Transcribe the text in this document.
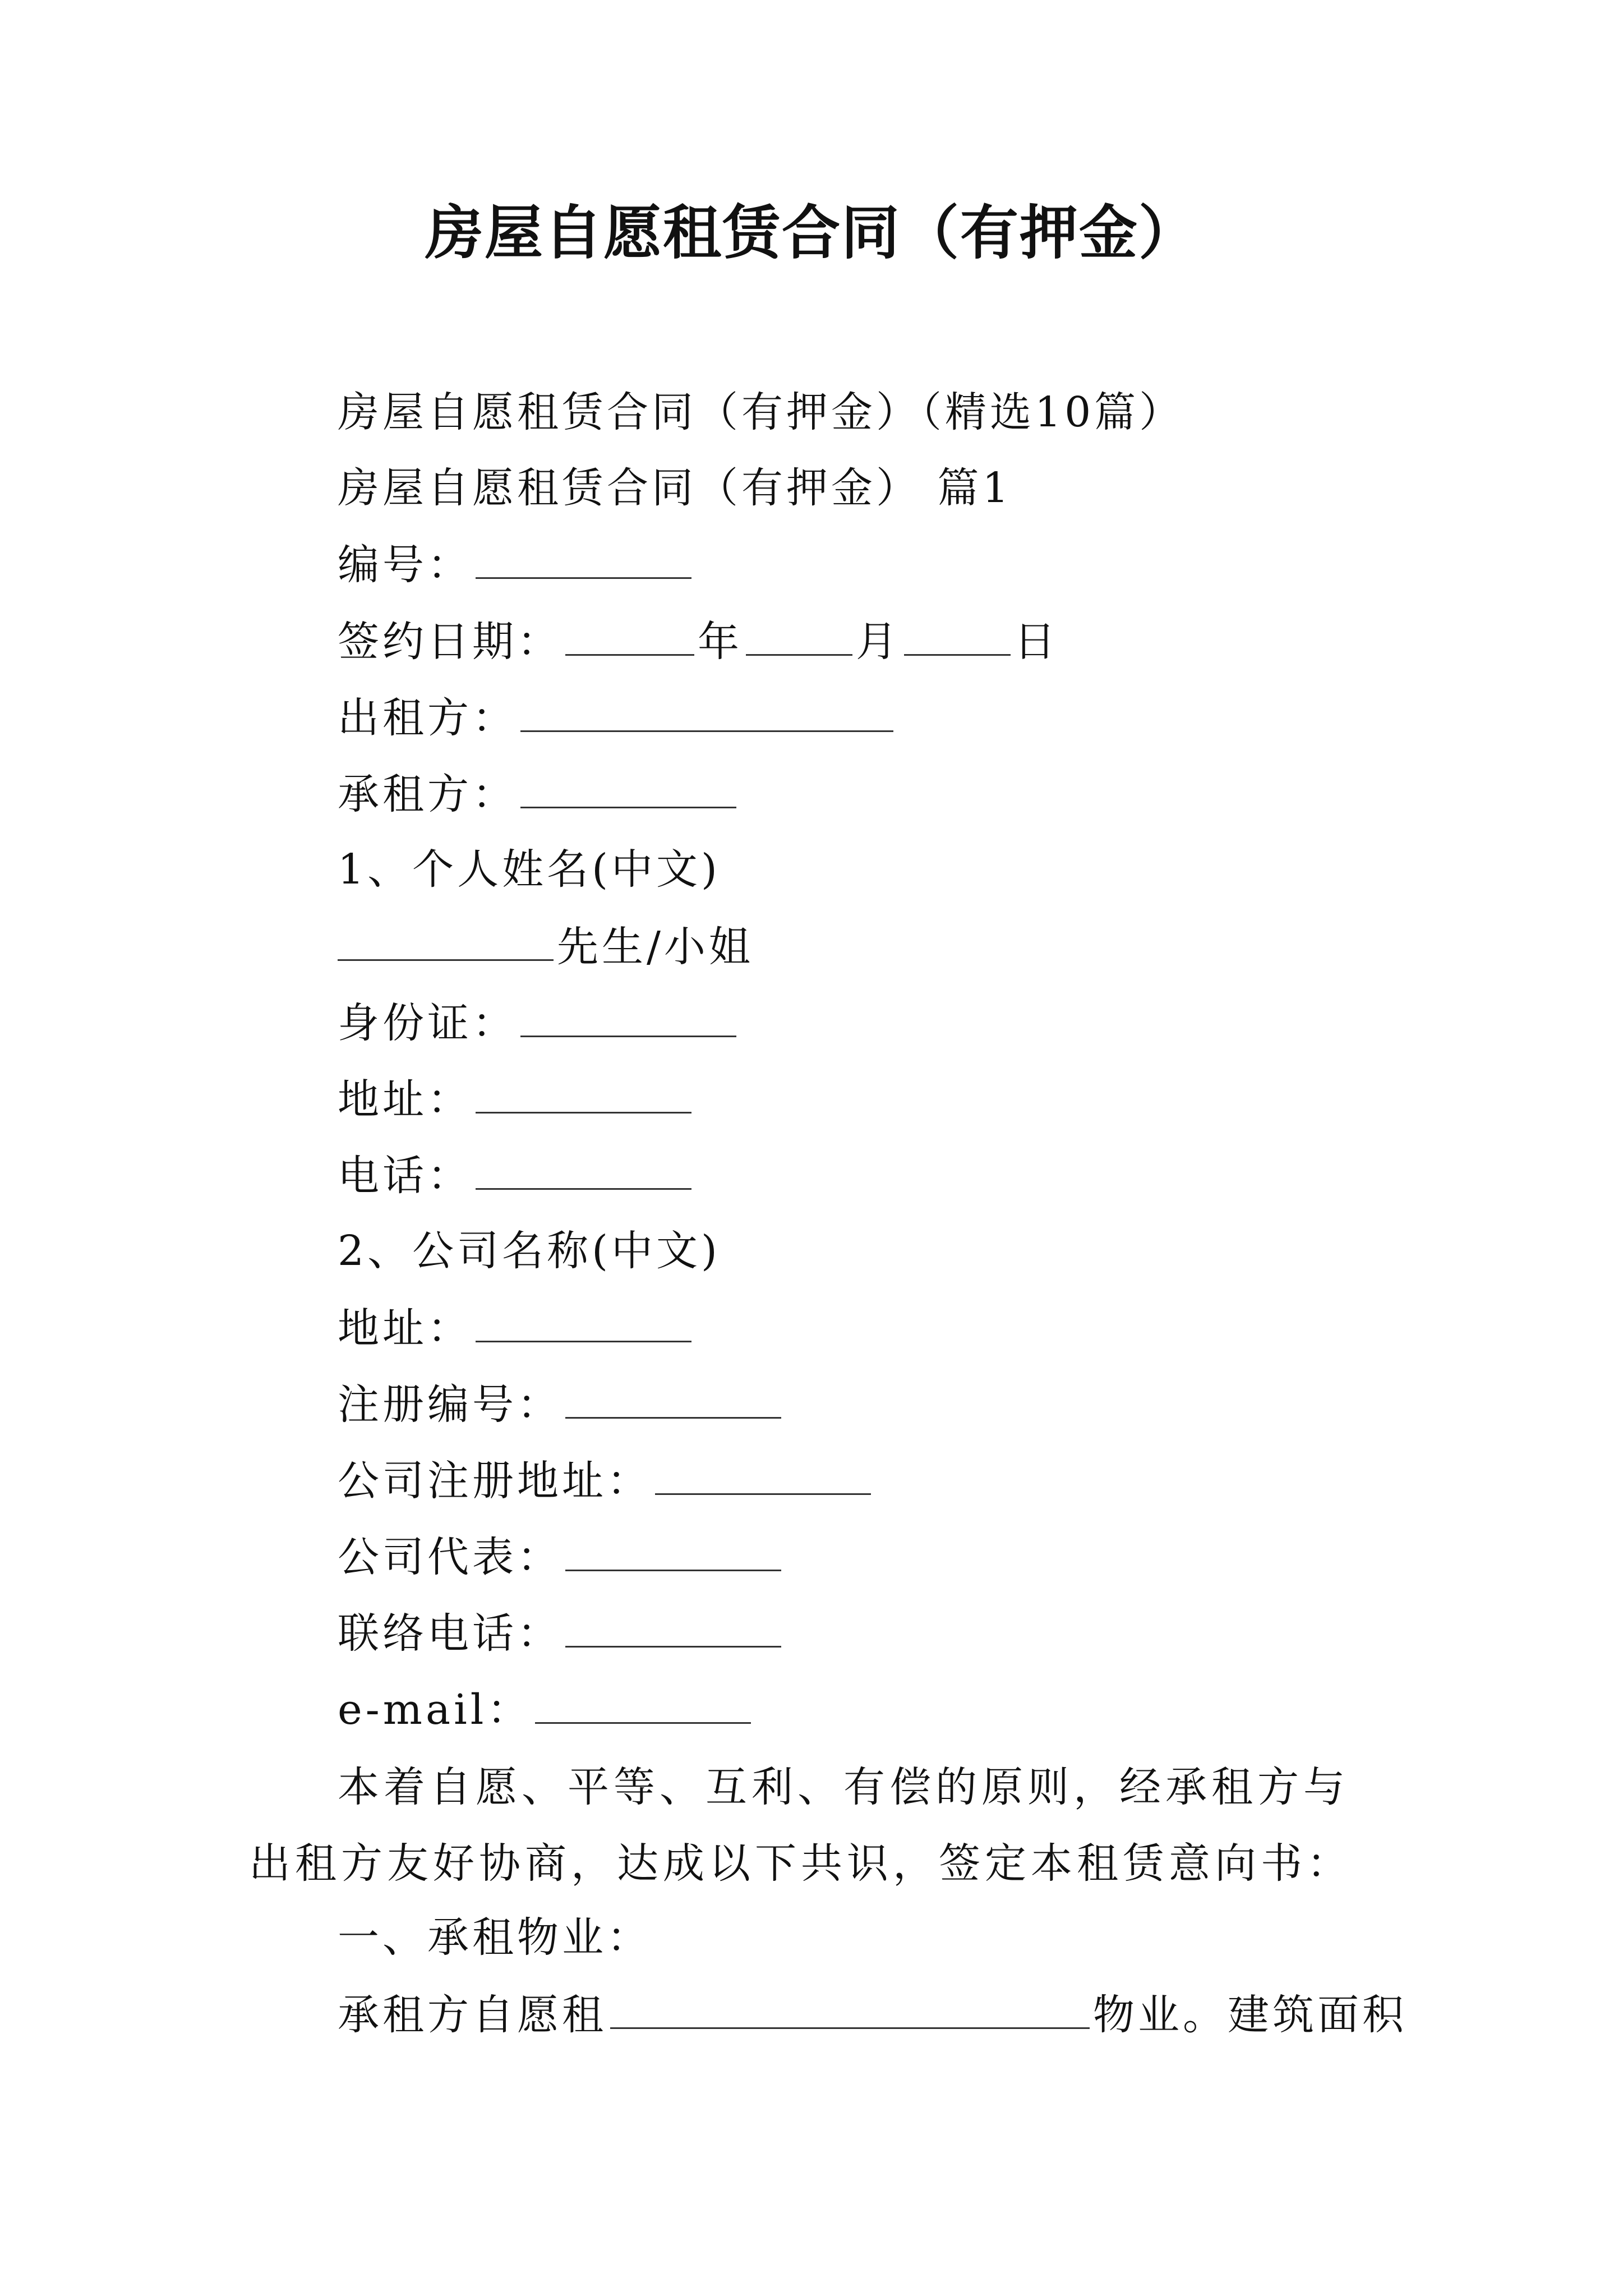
房屋自愿租赁合同（有押金）
房屋自愿租赁合同（有押金）（精选10篇）
房屋自愿租赁合同（有押金） 篇1
编号：
签约日期：	年	月	日
出租方：
承租方：
1、个人姓名(中文)
先生/小姐
身份证：
地址：
电话：
2、公司名称(中文)
地址：
注册编号：
公司注册地址：
公司代表：
联络电话：
e-mail：
本着自愿、平等、互利、有偿的原则，经承租方与出租方友好协商，达成以下共识，签定本租赁意向书：
一、承租物业：
承租方自愿租	物业。建筑面积
